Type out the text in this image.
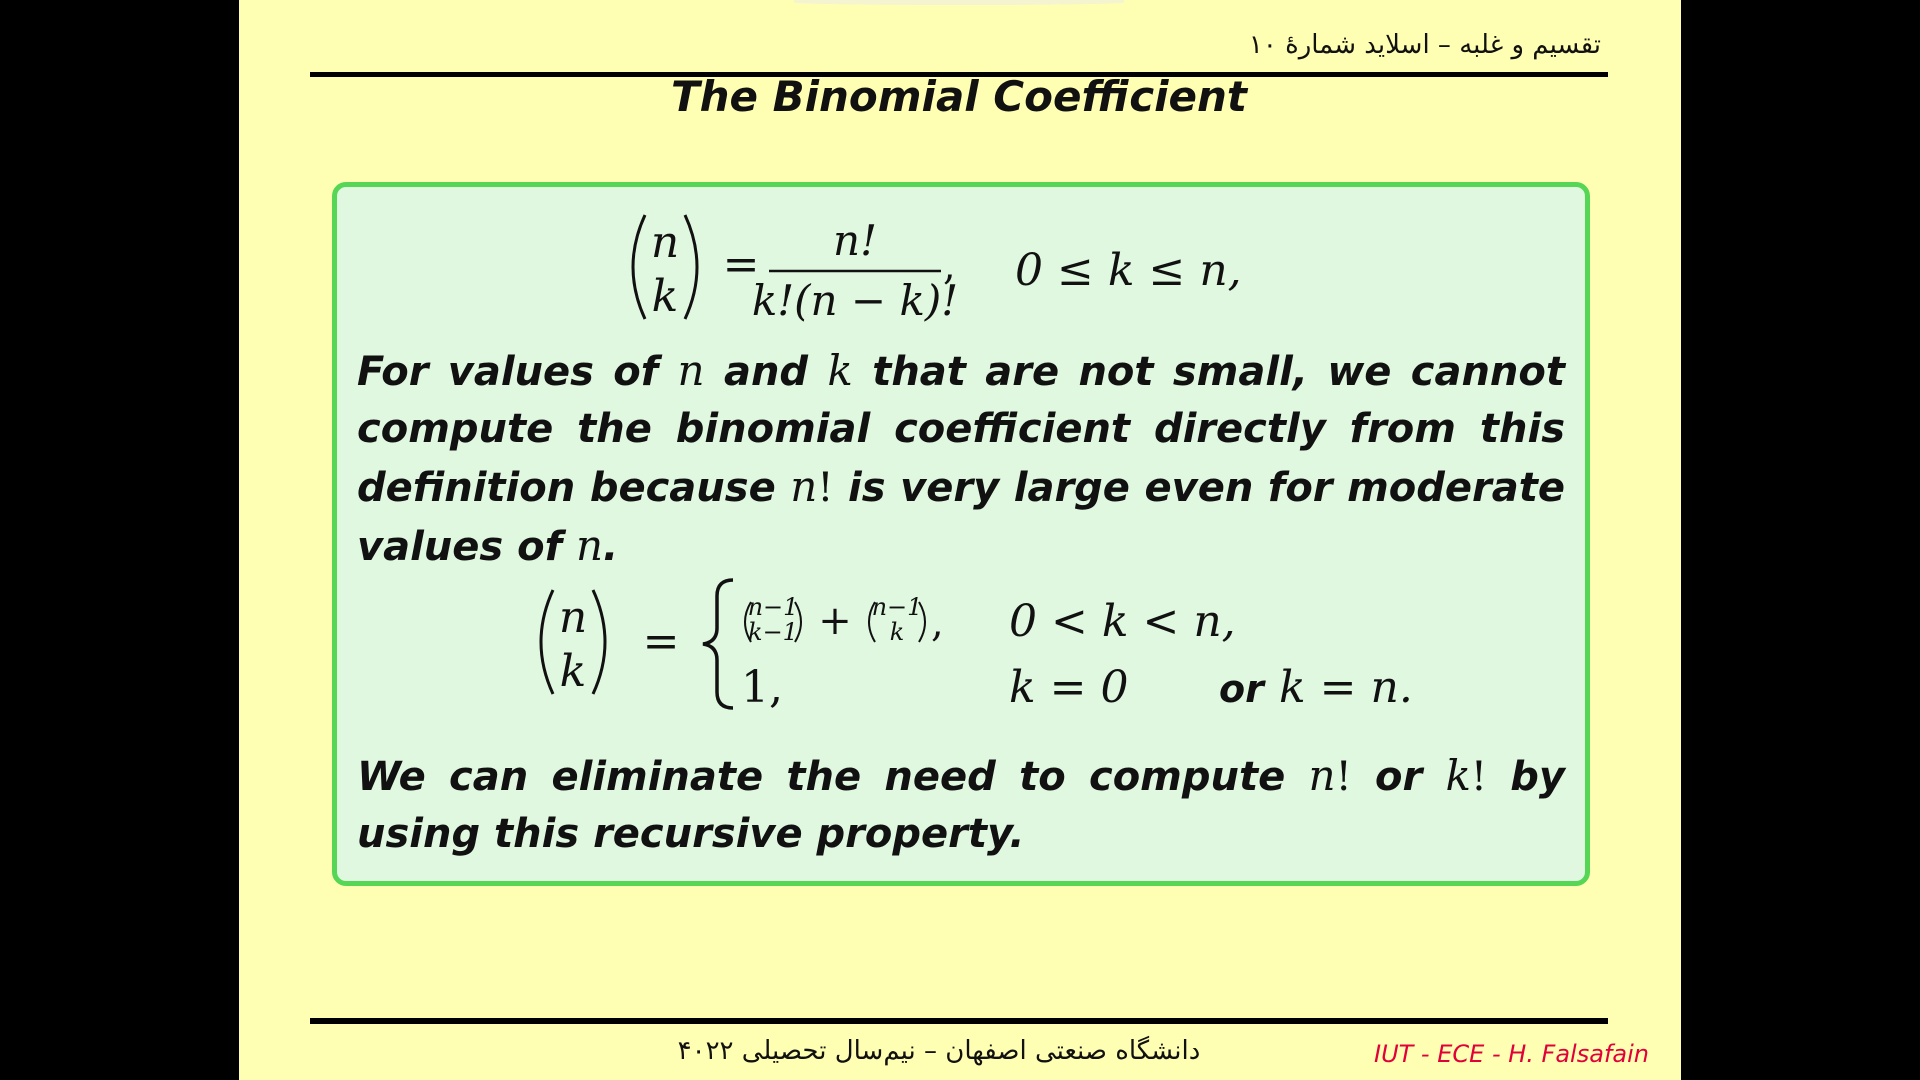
تقسیم و غلبه – اسلاید شمارهٔ ۱۰
The Binomial Coefficient
n
k
= n!
k!(n − k)!
, 0 ≤ k ≤ n,
For values of n and k that are not small, we cannot compute the binomial coefficient directly from this definition because n! is very large even for moderate values of n.
n
k
=
n−1
k−1 + n−1
k , 0 < k < n,
1,	k = 0 or k = n.
We can eliminate the need to compute n! or k! by using this recursive property.
دانشگاه صنعتی اصفهان – نیم‌سال تحصیلی ۴۰۲۲	IUT - ECE - H. Falsafain
